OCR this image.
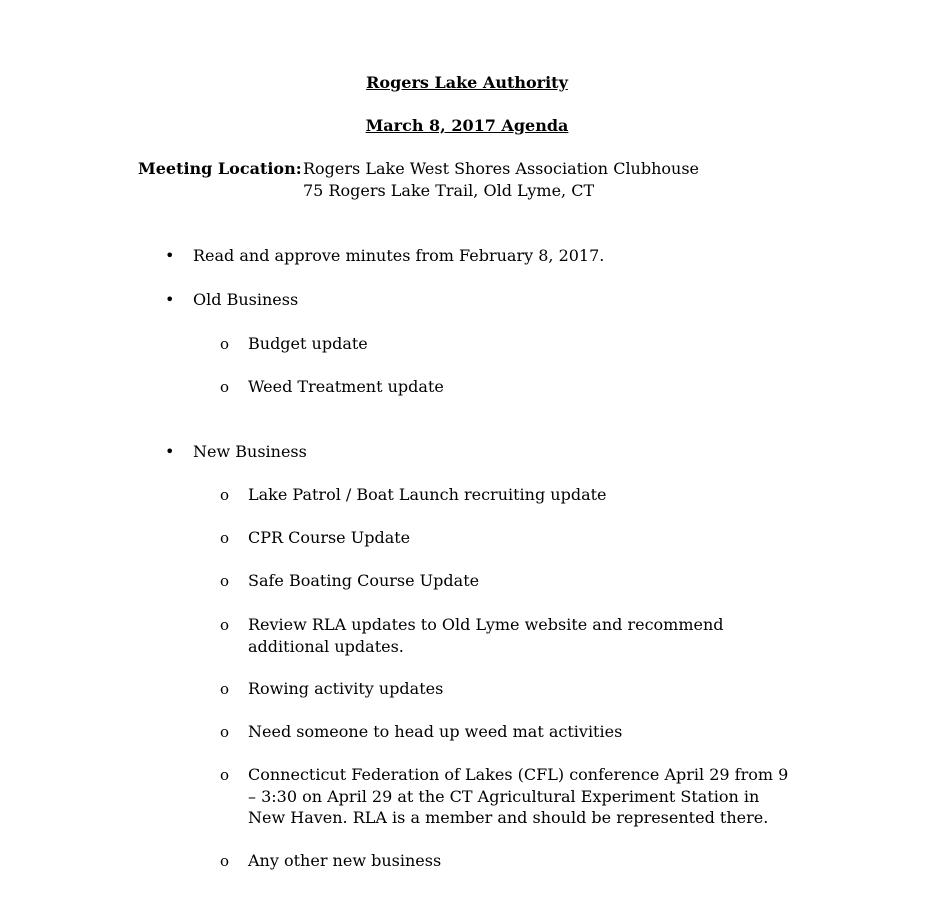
Rogers Lake Authority
March 8, 2017 Agenda
Meeting Location: Rogers Lake West Shores Association Clubhouse
75 Rogers Lake Trail, Old Lyme, CT
• Read and approve minutes from February 8, 2017.
• Old Business
o Budget update
o Weed Treatment update
• New Business
o Lake Patrol / Boat Launch recruiting update
o CPR Course Update
o Safe Boating Course Update
o Review RLA updates to Old Lyme website and recommend additional updates.
o Rowing activity updates
o Need someone to head up weed mat activities
o Connecticut Federation of Lakes (CFL) conference April 29 from 9 – 3:30 on April 29 at the CT Agricultural Experiment Station in New Haven. RLA is a member and should be represented there.
o Any other new business
